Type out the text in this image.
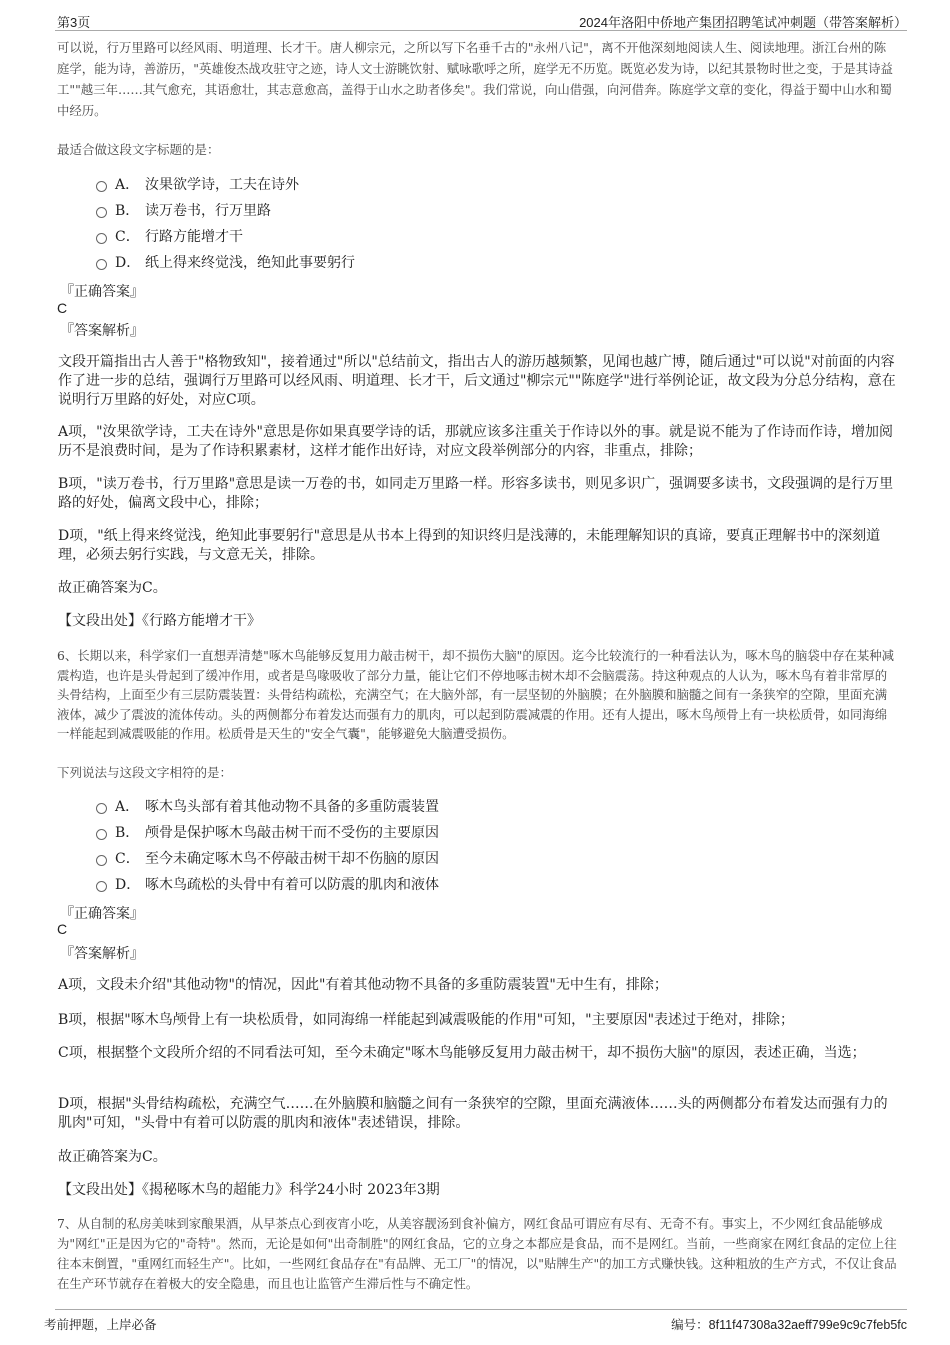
第3页	2024年洛阳中侨地产集团招聘笔试冲刺题（带答案解析）
可以说，行万里路可以经风雨、明道理、长才干。唐人柳宗元，之所以写下名垂千古的"永州八记"，离不开他深刻地阅读人生、阅读地理。浙江台州的陈庭学，能为诗，善游历，"英雄俊杰战攻驻守之迹，诗人文士游眺饮射、赋咏歌呼之所，庭学无不历览。既览必发为诗，以纪其景物时世之变，于是其诗益工""越三年……其气愈充，其语愈壮，其志意愈高，盖得于山水之助者侈矣"。我们常说，向山借强，向河借奔。陈庭学文章的变化，得益于蜀中山水和蜀中经历。
最适合做这段文字标题的是：
A． 汝果欲学诗，工夫在诗外
B． 读万卷书，行万里路
C． 行路方能增才干
D． 纸上得来终觉浅，绝知此事要躬行
『正确答案』
C
『答案解析』
文段开篇指出古人善于"格物致知"，接着通过"所以"总结前文，指出古人的游历越频繁，见闻也越广博，随后通过"可以说"对前面的内容作了进一步的总结，强调行万里路可以经风雨、明道理、长才干，后文通过"柳宗元""陈庭学"进行举例论证，故文段为分总分结构，意在说明行万里路的好处，对应C项。
A项，"汝果欲学诗，工夫在诗外"意思是你如果真要学诗的话，那就应该多注重关于作诗以外的事。就是说不能为了作诗而作诗，增加阅历不是浪费时间，是为了作诗积累素材，这样才能作出好诗，对应文段举例部分的内容，非重点，排除；
B项，"读万卷书，行万里路"意思是读一万卷的书，如同走万里路一样。形容多读书，则见多识广，强调要多读书，文段强调的是行万里路的好处，偏离文段中心，排除；
D项，"纸上得来终觉浅，绝知此事要躬行"意思是从书本上得到的知识终归是浅薄的，未能理解知识的真谛，要真正理解书中的深刻道理，必须去躬行实践，与文意无关，排除。
故正确答案为C。
【文段出处】《行路方能增才干》
6、长期以来，科学家们一直想弄清楚"啄木鸟能够反复用力敲击树干，却不损伤大脑"的原因。迄今比较流行的一种看法认为，啄木鸟的脑袋中存在某种减震构造，也许是头骨起到了缓冲作用，或者是鸟喙吸收了部分力量，能让它们不停地啄击树木却不会脑震荡。持这种观点的人认为，啄木鸟有着非常厚的头骨结构，上面至少有三层防震装置：头骨结构疏松，充满空气；在大脑外部，有一层坚韧的外脑膜；在外脑膜和脑髓之间有一条狭窄的空隙，里面充满液体，减少了震波的流体传动。头的两侧都分布着发达而强有力的肌肉，可以起到防震减震的作用。还有人提出，啄木鸟颅骨上有一块松质骨，如同海绵一样能起到减震吸能的作用。松质骨是天生的"安全气囊"，能够避免大脑遭受损伤。
下列说法与这段文字相符的是：
A． 啄木鸟头部有着其他动物不具备的多重防震装置
B． 颅骨是保护啄木鸟敲击树干而不受伤的主要原因
C． 至今未确定啄木鸟不停敲击树干却不伤脑的原因
D． 啄木鸟疏松的头骨中有着可以防震的肌肉和液体
『正确答案』
C
『答案解析』
A项，文段未介绍"其他动物"的情况，因此"有着其他动物不具备的多重防震装置"无中生有，排除；
B项，根据"啄木鸟颅骨上有一块松质骨，如同海绵一样能起到减震吸能的作用"可知，"主要原因"表述过于绝对，排除；
C项，根据整个文段所介绍的不同看法可知，至今未确定"啄木鸟能够反复用力敲击树干，却不损伤大脑"的原因，表述正确，当选；
D项，根据"头骨结构疏松，充满空气……在外脑膜和脑髓之间有一条狭窄的空隙，里面充满液体……头的两侧都分布着发达而强有力的肌肉"可知，"头骨中有着可以防震的肌肉和液体"表述错误，排除。
故正确答案为C。
【文段出处】《揭秘啄木鸟的超能力》科学24小时 2023年3期
7、从自制的私房美味到家酿果酒，从早茶点心到夜宵小吃，从美容靓汤到食补偏方，网红食品可谓应有尽有、无奇不有。事实上，不少网红食品能够成为"网红"正是因为它的"奇特"。然而，无论是如何"出奇制胜"的网红食品，它的立身之本都应是食品，而不是网红。当前，一些商家在网红食品的定位上往往本末倒置，"重网红而轻生产"。比如，一些网红食品存在"有品牌、无工厂"的情况，以"贴牌生产"的加工方式赚快钱。这种粗放的生产方式，不仅让食品在生产环节就存在着极大的安全隐患，而且也让监管产生滞后性与不确定性。
考前押题，上岸必备	编号：8f11f47308a32aeff799e9c9c7feb5fc
